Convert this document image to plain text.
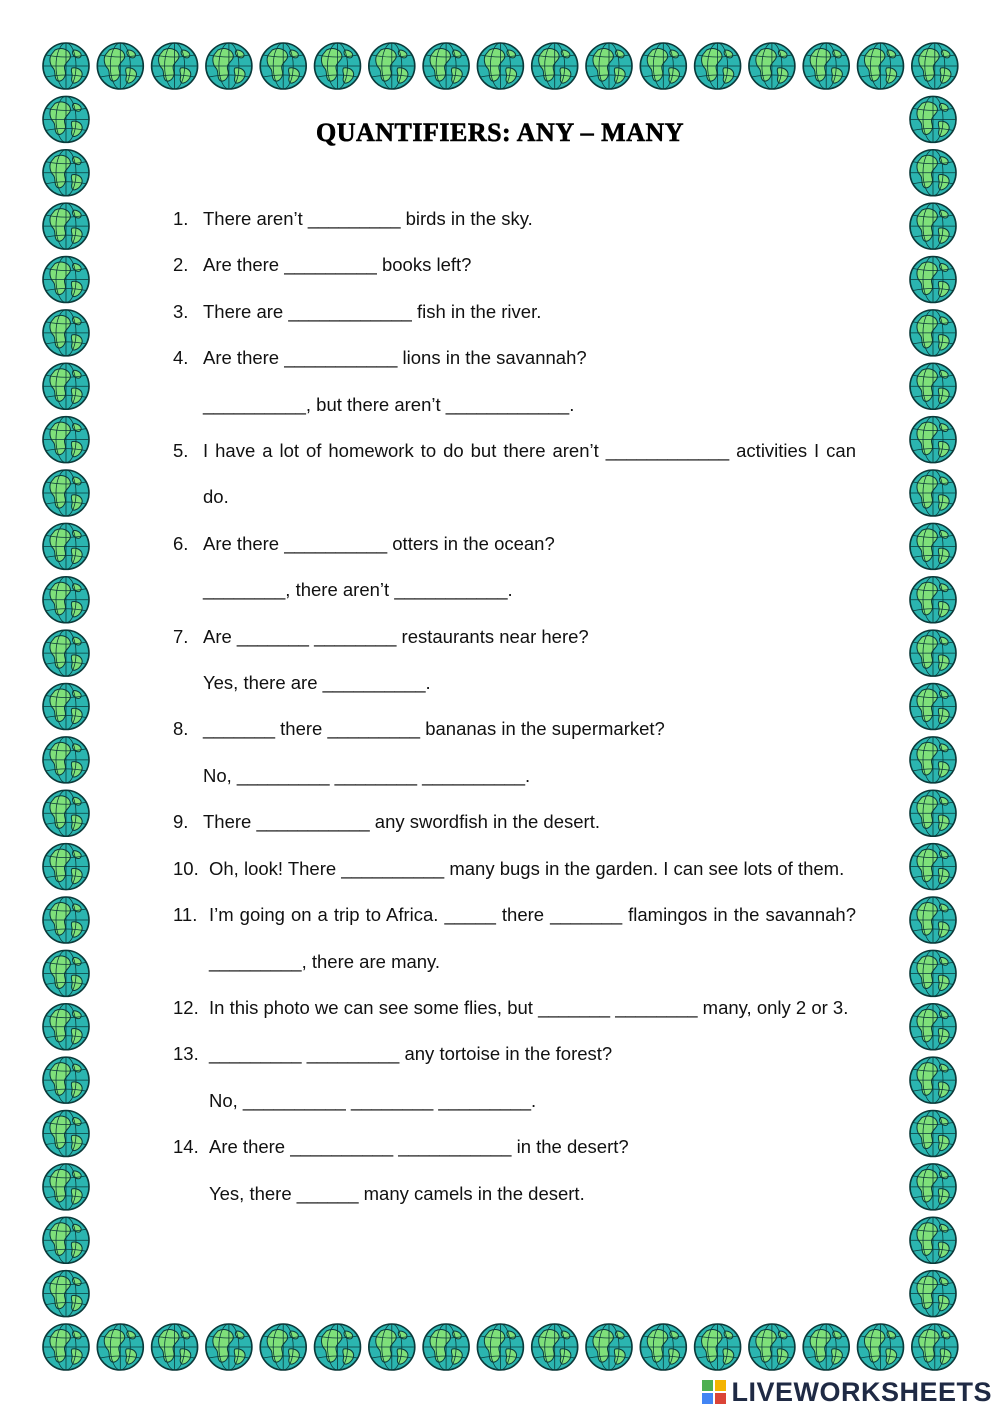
QUANTIFIERS: ANY – MANY
1. There aren’t _________ birds in the sky.
2. Are there _________ books left?
3. There are ____________ fish in the river.
4. Are there ___________ lions in the savannah?
__________, but there aren’t ____________.
5. I have a lot of homework to do but there aren’t ____________ activities I can do.
6. Are there __________ otters in the ocean?
________, there aren’t ___________.
7. Are _______ ________ restaurants near here?
Yes, there are __________.
8. _______ there _________ bananas in the supermarket?
No, _________ ________ __________.
9. There ___________ any swordfish in the desert.
10. Oh, look! There __________ many bugs in the garden. I can see lots of them.
11. I’m going on a trip to Africa. _____ there _______ flamingos in the savannah? _________, there are many.
12. In this photo we can see some flies, but _______ ________ many, only 2 or 3.
13. _________ _________ any tortoise in the forest?
No, __________ ________ _________.
14. Are there __________ ___________ in the desert?
Yes, there ______ many camels in the desert.
LIVEWORKSHEETS
